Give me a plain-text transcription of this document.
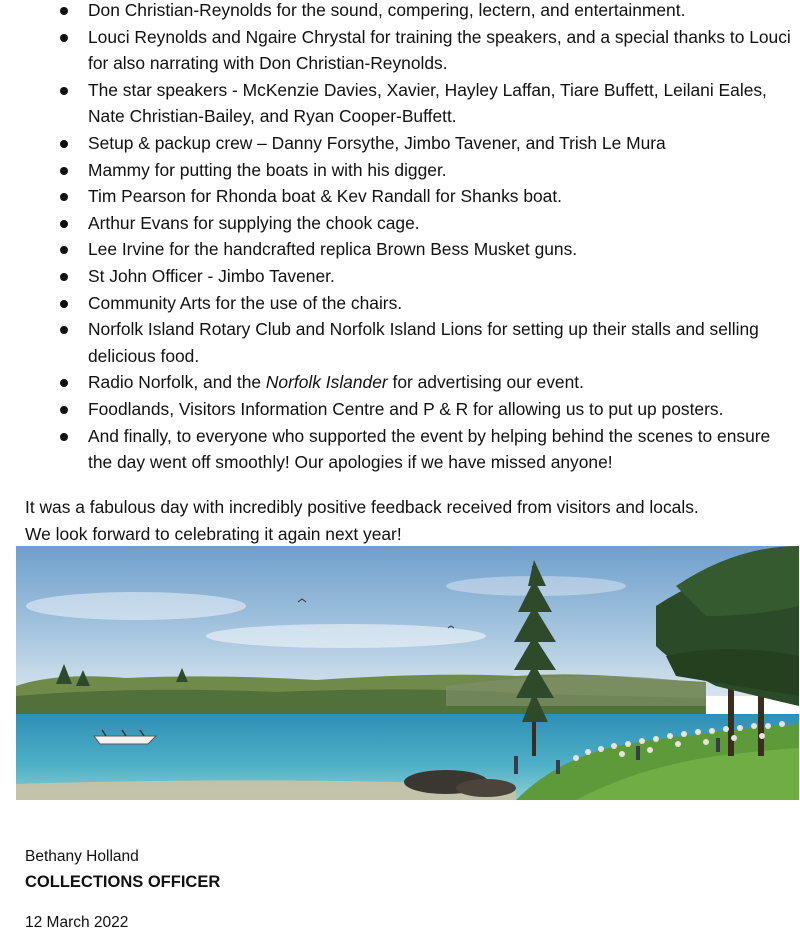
Don Christian-Reynolds for the sound, compering, lectern, and entertainment.
Louci Reynolds and Ngaire Chrystal for training the speakers, and a special thanks to Louci for also narrating with Don Christian-Reynolds.
The star speakers - McKenzie Davies, Xavier, Hayley Laffan, Tiare Buffett, Leilani Eales, Nate Christian-Bailey, and Ryan Cooper-Buffett.
Setup & packup crew – Danny Forsythe, Jimbo Tavener, and Trish Le Mura
Mammy for putting the boats in with his digger.
Tim Pearson for Rhonda boat & Kev Randall for Shanks boat.
Arthur Evans for supplying the chook cage.
Lee Irvine for the handcrafted replica Brown Bess Musket guns.
St John Officer - Jimbo Tavener.
Community Arts for the use of the chairs.
Norfolk Island Rotary Club and Norfolk Island Lions for setting up their stalls and selling delicious food.
Radio Norfolk, and the Norfolk Islander for advertising our event.
Foodlands, Visitors Information Centre and P & R for allowing us to put up posters.
And finally, to everyone who supported the event by helping behind the scenes to ensure the day went off smoothly! Our apologies if we have missed anyone!

It was a fabulous day with incredibly positive feedback received from visitors and locals.

We look forward to celebrating it again next year!

Bethany Holland
COLLECTIONS OFFICER
12 March 2022
